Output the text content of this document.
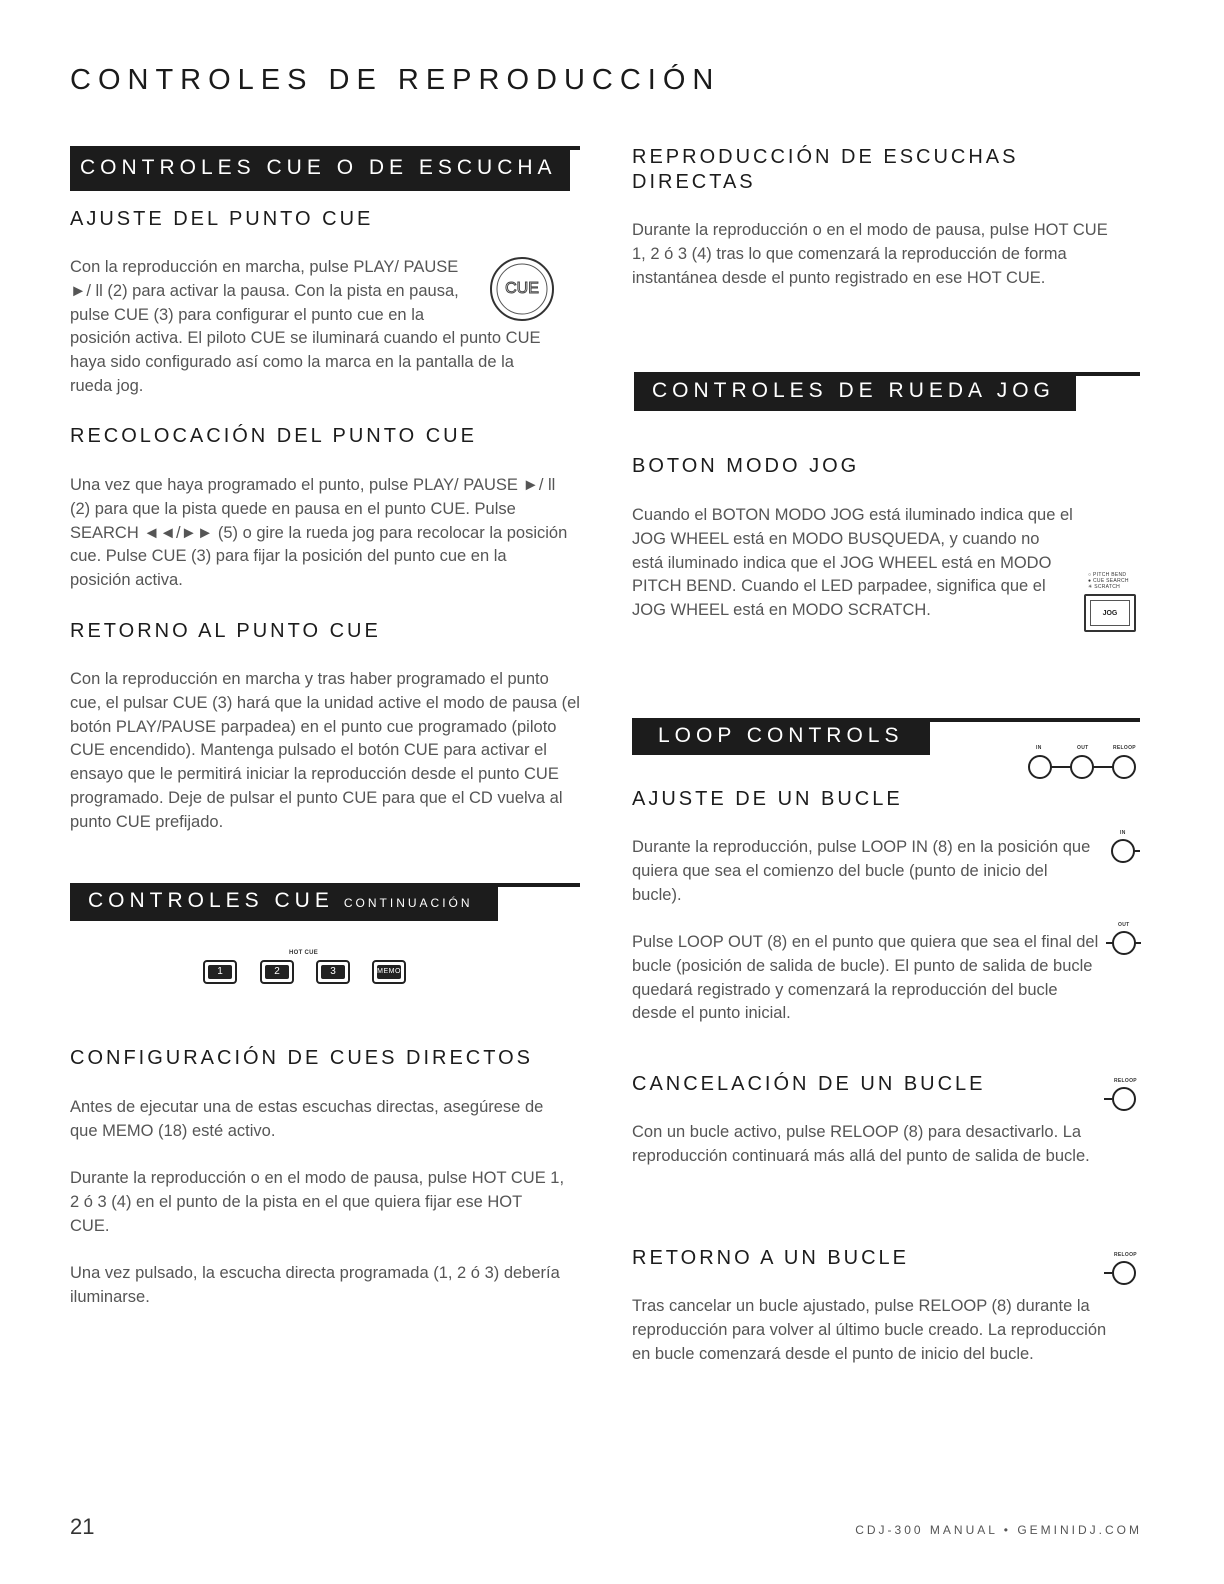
CONTROLES DE REPRODUCCIÓN
CONTROLES CUE O DE ESCUCHA
AJUSTE DEL PUNTO CUE

CUE
Con la reproducción en marcha, pulse PLAY/ PAUSE ►/ ll (2) para activar la pausa. Con la pista en pausa, pulse CUE (3) para configurar el punto cue en la posición activa. El piloto CUE se iluminará cuando el punto CUE haya sido configurado así como la marca en la pantalla de la rueda jog.

RECOLOCACIÓN DEL PUNTO CUE

Una vez que haya programado el punto, pulse PLAY/ PAUSE ►/ ll (2) para que la pista quede en pausa en el punto CUE. Pulse SEARCH ◄◄/►► (5) o gire la rueda jog para recolocar la posición cue. Pulse CUE (3) para fijar la posición del punto cue en la posición activa.

RETORNO AL PUNTO CUE

Con la reproducción en marcha y tras haber programado el punto cue, el pulsar CUE (3) hará que la unidad active el modo de pausa (el botón PLAY/PAUSE parpadea) en el punto cue programado (piloto CUE encendido). Mantenga pulsado el botón CUE para activar el ensayo que le permitirá iniciar la reproducción desde el punto CUE programado. Deje de pulsar el punto CUE para que el CD vuelva al punto CUE prefijado.

CONTROLES CUE CONTINUACIÓN
HOT CUE
1	2	3	MEMO
CONFIGURACIÓN DE CUES DIRECTOS

Antes de ejecutar una de estas escuchas directas, asegúrese de que MEMO (18) esté activo.

Durante la reproducción o en el modo de pausa, pulse HOT CUE 1, 2 ó 3 (4) en el punto de la pista en el que quiera fijar ese HOT CUE.

Una vez pulsado, la escucha directa programada (1, 2 ó 3) debería iluminarse.

REPRODUCCIÓN DE ESCUCHAS DIRECTAS

Durante la reproducción o en el modo de pausa, pulse HOT CUE 1, 2 ó 3 (4) tras lo que comenzará la reproducción de forma instantánea desde el punto registrado en ese HOT CUE.

CONTROLES DE RUEDA JOG
BOTON MODO JOG

○ PITCH BEND
● CUE SEARCH
✳ SCRATCH
JOG
Cuando el BOTON MODO JOG está iluminado indica que el JOG WHEEL está en MODO BUSQUEDA, y cuando no está iluminado indica que el JOG WHEEL está en MODO PITCH BEND. Cuando el LED parpadee, significa que el JOG WHEEL está en MODO SCRATCH.

LOOP CONTROLS
IN	OUT	RELOOP
AJUSTE DE UN BUCLE

Durante la reproducción, pulse LOOP IN (8) en la posición que quiera que sea el comienzo del bucle (punto de inicio del bucle).

IN

Pulse LOOP OUT (8) en el punto que quiera que sea el final del bucle (posición de salida de bucle). El punto de salida de bucle quedará registrado y comenzará la reproducción del bucle desde el punto inicial.

OUT
CANCELACIÓN DE UN BUCLE	RELOOP

Con un bucle activo, pulse RELOOP (8) para desactivarlo. La reproducción continuará más allá del punto de salida de bucle.

RETORNO A UN BUCLE	RELOOP

Tras cancelar un bucle ajustado, pulse RELOOP (8) durante la reproducción para volver al último bucle creado. La reproducción en bucle comenzará desde el punto de inicio del bucle.

21	CDJ-300 MANUAL • GEMINIDJ.COM
